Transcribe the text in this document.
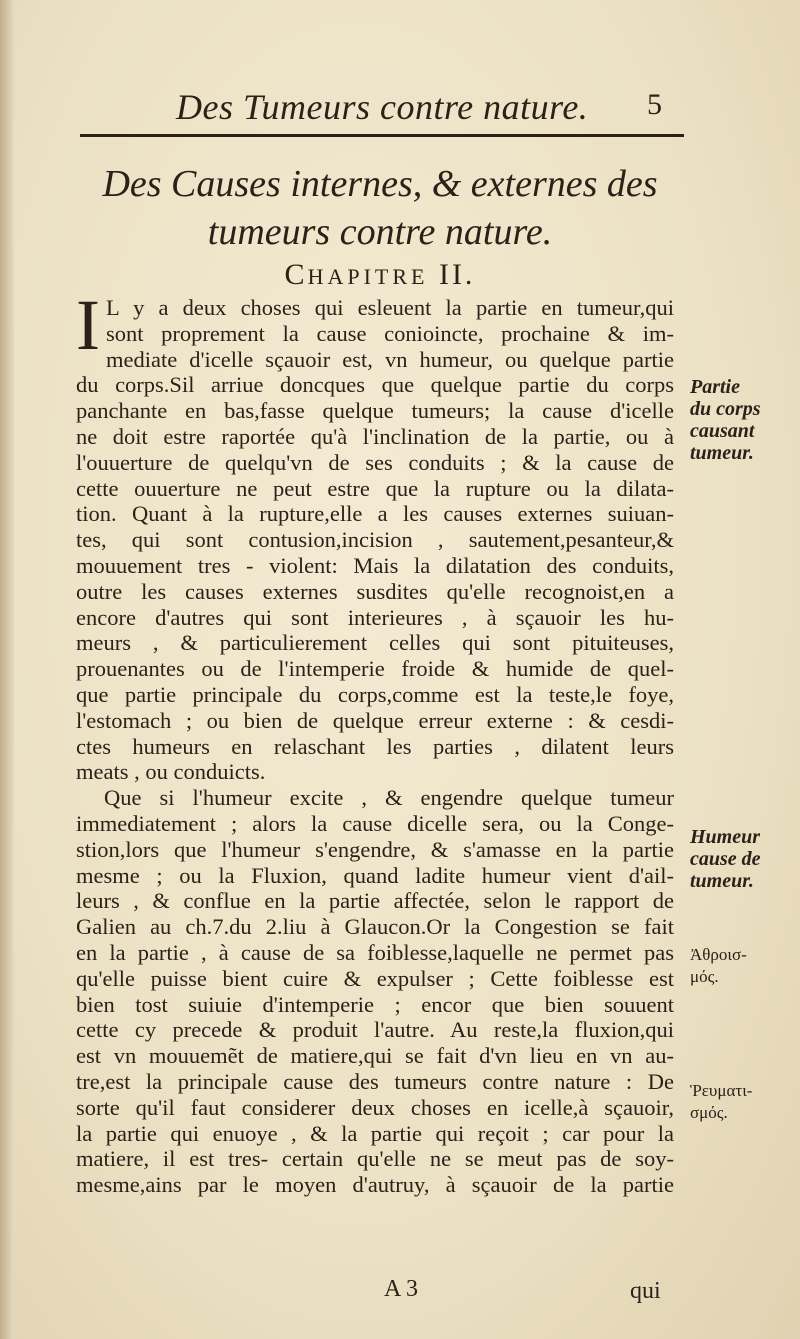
Des Tumeurs contre nature. 5
Des Causes internes, & externes des
tumeurs contre nature.
CHAPITRE II.
I L y a deux choses qui esleuent la partie en tumeur,qui
sont proprement la cause conioincte, prochaine & im-
mediate d'icelle sçauoir est, vn humeur, ou quelque partie
du corps.Sil arriue doncques que quelque partie du corps
panchante en bas,fasse quelque tumeurs; la cause d'icelle
ne doit estre raportée qu'à l'inclination de la partie, ou à
l'ouuerture de quelqu'vn de ses conduits ; & la cause de
cette ouuerture ne peut estre que la rupture ou la dilata-
tion. Quant à la rupture,elle a les causes externes suiuan-
tes, qui sont contusion,incision , sautement,pesanteur,&
mouuement tres - violent: Mais la dilatation des conduits,
outre les causes externes susdites qu'elle recognoist,en a
encore d'autres qui sont interieures , à sçauoir les hu-
meurs , & particulierement celles qui sont pituiteuses,
prouenantes ou de l'intemperie froide & humide de quel-
que partie principale du corps,comme est la teste,le foye,
l'estomach ; ou bien de quelque erreur externe : & cesdi-
ctes humeurs en relaschant les parties , dilatent leurs
meats , ou conduicts.
Que si l'humeur excite , & engendre quelque tumeur
immediatement ; alors la cause dicelle sera, ou la Conge-
stion,lors que l'humeur s'engendre, & s'amasse en la partie
mesme ; ou la Fluxion, quand ladite humeur vient d'ail-
leurs , & conflue en la partie affectée, selon le rapport de
Galien au ch.7.du 2.liu à Glaucon.Or la Congestion se fait
en la partie , à cause de sa foiblesse,laquelle ne permet pas
qu'elle puisse bient cuire & expulser ; Cette foiblesse est
bien tost suiuie d'intemperie ; encor que bien souuent
cette cy precede & produit l'autre. Au reste,la fluxion,qui
est vn mouuemẽt de matiere,qui se fait d'vn lieu en vn au-
tre,est la principale cause des tumeurs contre nature : De
sorte qu'il faut considerer deux choses en icelle,à sçauoir,
la partie qui enuoye , & la partie qui reçoit ; car pour la
matiere, il est tres- certain qu'elle ne se meut pas de soy-
mesme,ains par le moyen d'autruy, à sçauoir de la partie
Partie
du corps
causant
tumeur.
Humeur
cause de
tumeur.
Ἀθροισ-
μός.
Ῥευματι-
σμός.
A 3	qui
